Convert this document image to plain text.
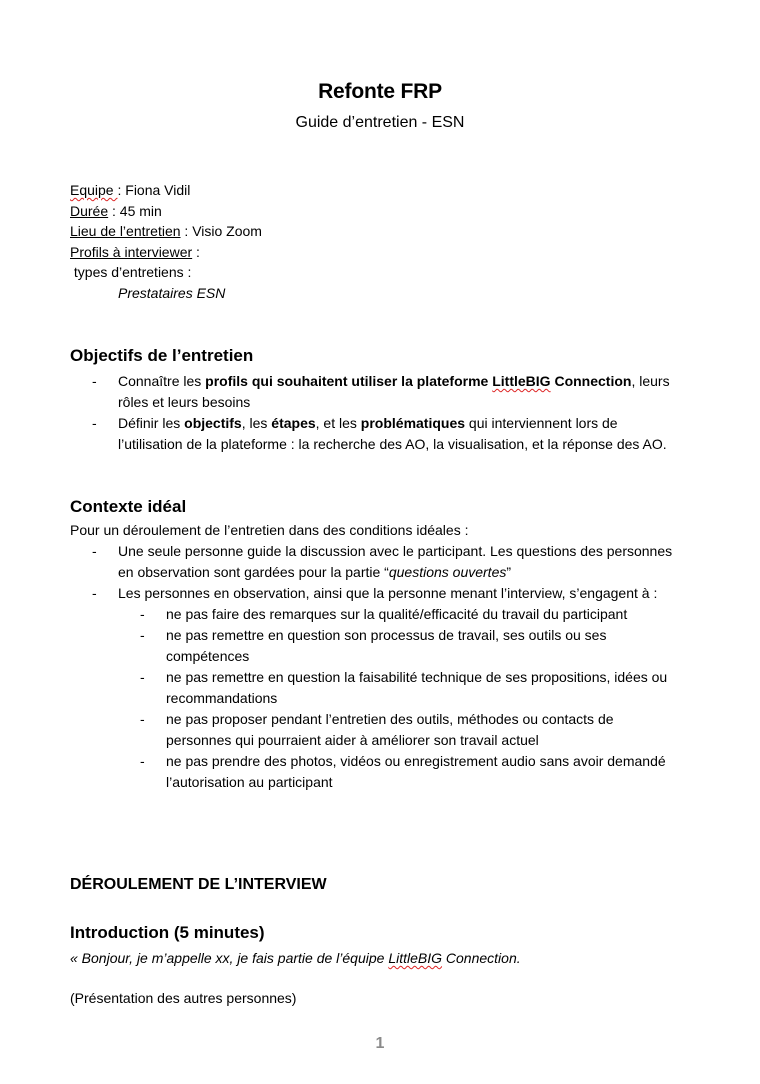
Refonte FRP
Guide d’entretien - ESN
Equipe : Fiona Vidil
Durée : 45 min
Lieu de l’entretien : Visio Zoom
Profils à interviewer :
types d’entretiens :
Prestataires ESN
Objectifs de l’entretien
- Connaître les profils qui souhaitent utiliser la plateforme LittleBIG Connection, leurs rôles et leurs besoins
- Définir les objectifs, les étapes, et les problématiques qui interviennent lors de l’utilisation de la plateforme : la recherche des AO, la visualisation, et la réponse des AO.
Contexte idéal
Pour un déroulement de l’entretien dans des conditions idéales :
- Une seule personne guide la discussion avec le participant. Les questions des personnes en observation sont gardées pour la partie “questions ouvertes”
- Les personnes en observation, ainsi que la personne menant l’interview, s’engagent à :
- ne pas faire des remarques sur la qualité/efficacité du travail du participant
- ne pas remettre en question son processus de travail, ses outils ou ses compétences
- ne pas remettre en question la faisabilité technique de ses propositions, idées ou recommandations
- ne pas proposer pendant l’entretien des outils, méthodes ou contacts de personnes qui pourraient aider à améliorer son travail actuel
- ne pas prendre des photos, vidéos ou enregistrement audio sans avoir demandé l’autorisation au participant
DÉROULEMENT DE L’INTERVIEW
Introduction (5 minutes)
« Bonjour, je m’appelle xx, je fais partie de l’équipe LittleBIG Connection.
(Présentation des autres personnes)
1
